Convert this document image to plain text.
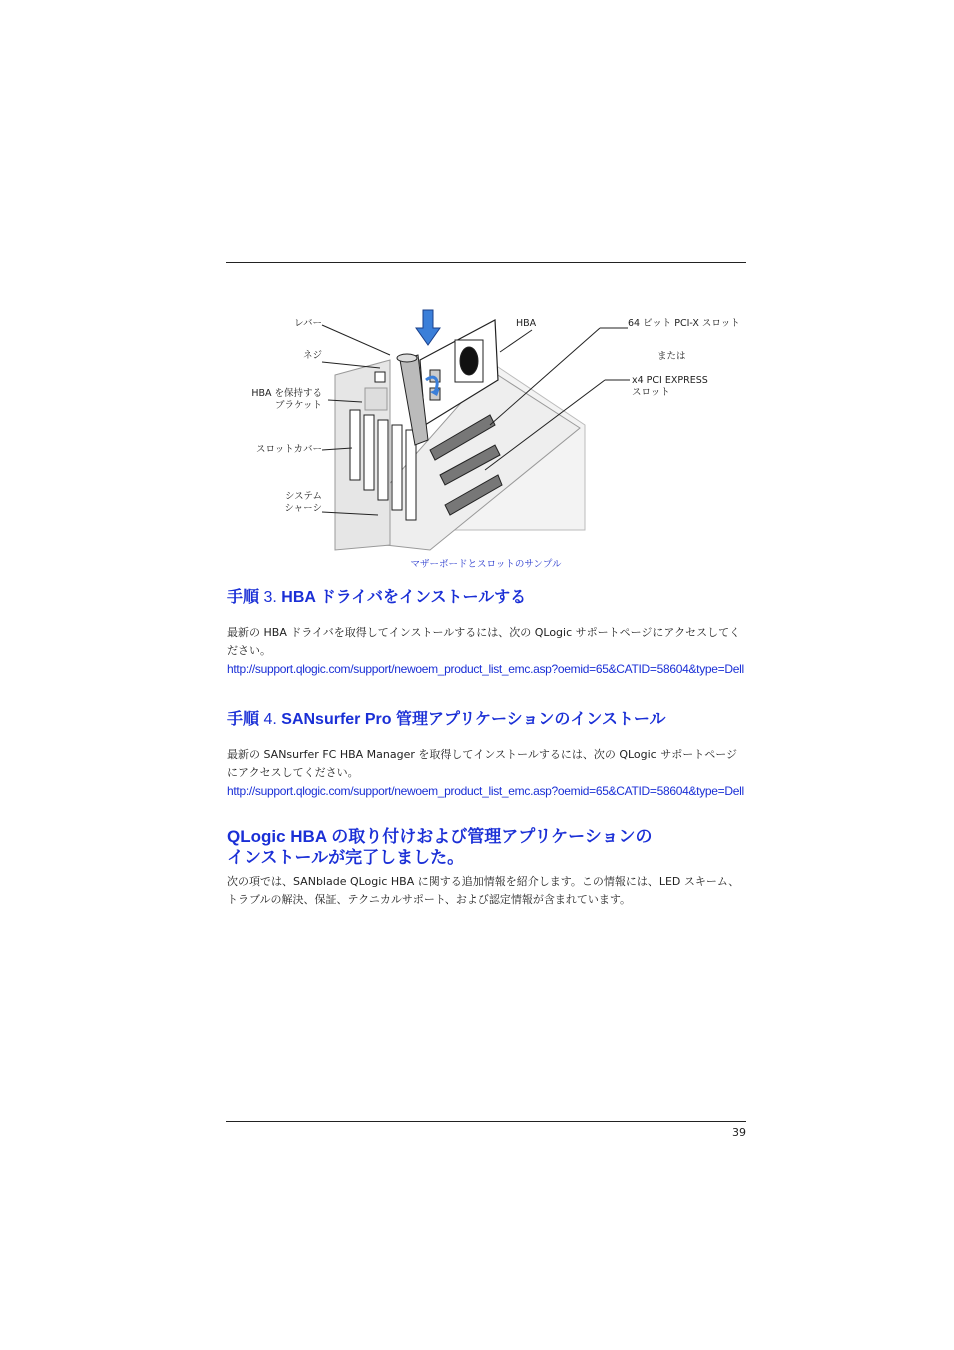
レバー
ネジ
HBA を保持する
ブラケット
スロットカバー
システム
シャーシ
HBA	64 ビット PCI-X スロット
または
x4 PCI EXPRESS
スロット
マザーボードとスロットのサンプル
手順 3. HBA ドライバをインストールする
最新の HBA ドライバを取得してインストールするには、次の QLogic サポートページにアクセスしてください。
http://support.qlogic.com/support/newoem_product_list_emc.asp?oemid=65&CATID=58604&type=Dell
手順 4. SANsurfer Pro 管理アプリケーションのインストール
最新の SANsurfer FC HBA Manager を取得してインストールするには、次の QLogic サポートページにアクセスしてください。
http://support.qlogic.com/support/newoem_product_list_emc.asp?oemid=65&CATID=58604&type=Dell
QLogic HBA の取り付けおよび管理アプリケーションの
インストールが完了しました。
次の項では、SANblade QLogic HBA に関する追加情報を紹介します。この情報には、LED スキーム、トラブルの解決、保証、テクニカルサポート、および認定情報が含まれています。
39
